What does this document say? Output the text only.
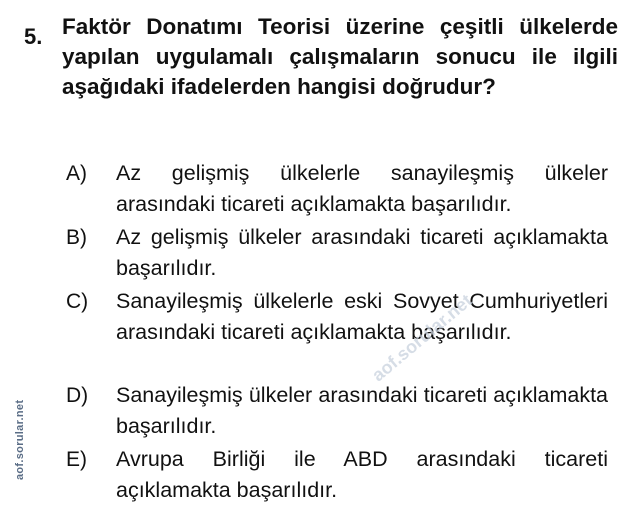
5. Faktör Donatımı Teorisi üzerine çeşitli ülkelerde yapılan uygulamalı çalışmaların sonucu ile ilgili aşağıdaki ifadelerden hangisi doğrudur?
A) Az gelişmiş ülkelerle sanayileşmiş ülkeler arasındaki ticareti açıklamakta başarılıdır.
B) Az gelişmiş ülkeler arasındaki ticareti açıklamakta başarılıdır.
C) Sanayileşmiş ülkelerle eski Sovyet Cumhuriyetleri arasındaki ticareti açıklamakta başarılıdır.
D) Sanayileşmiş ülkeler arasındaki ticareti açıklamakta başarılıdır.
E) Avrupa Birliği ile ABD arasındaki ticareti açıklamakta başarılıdır.
aof.sorular.net
aof.sorular.net
